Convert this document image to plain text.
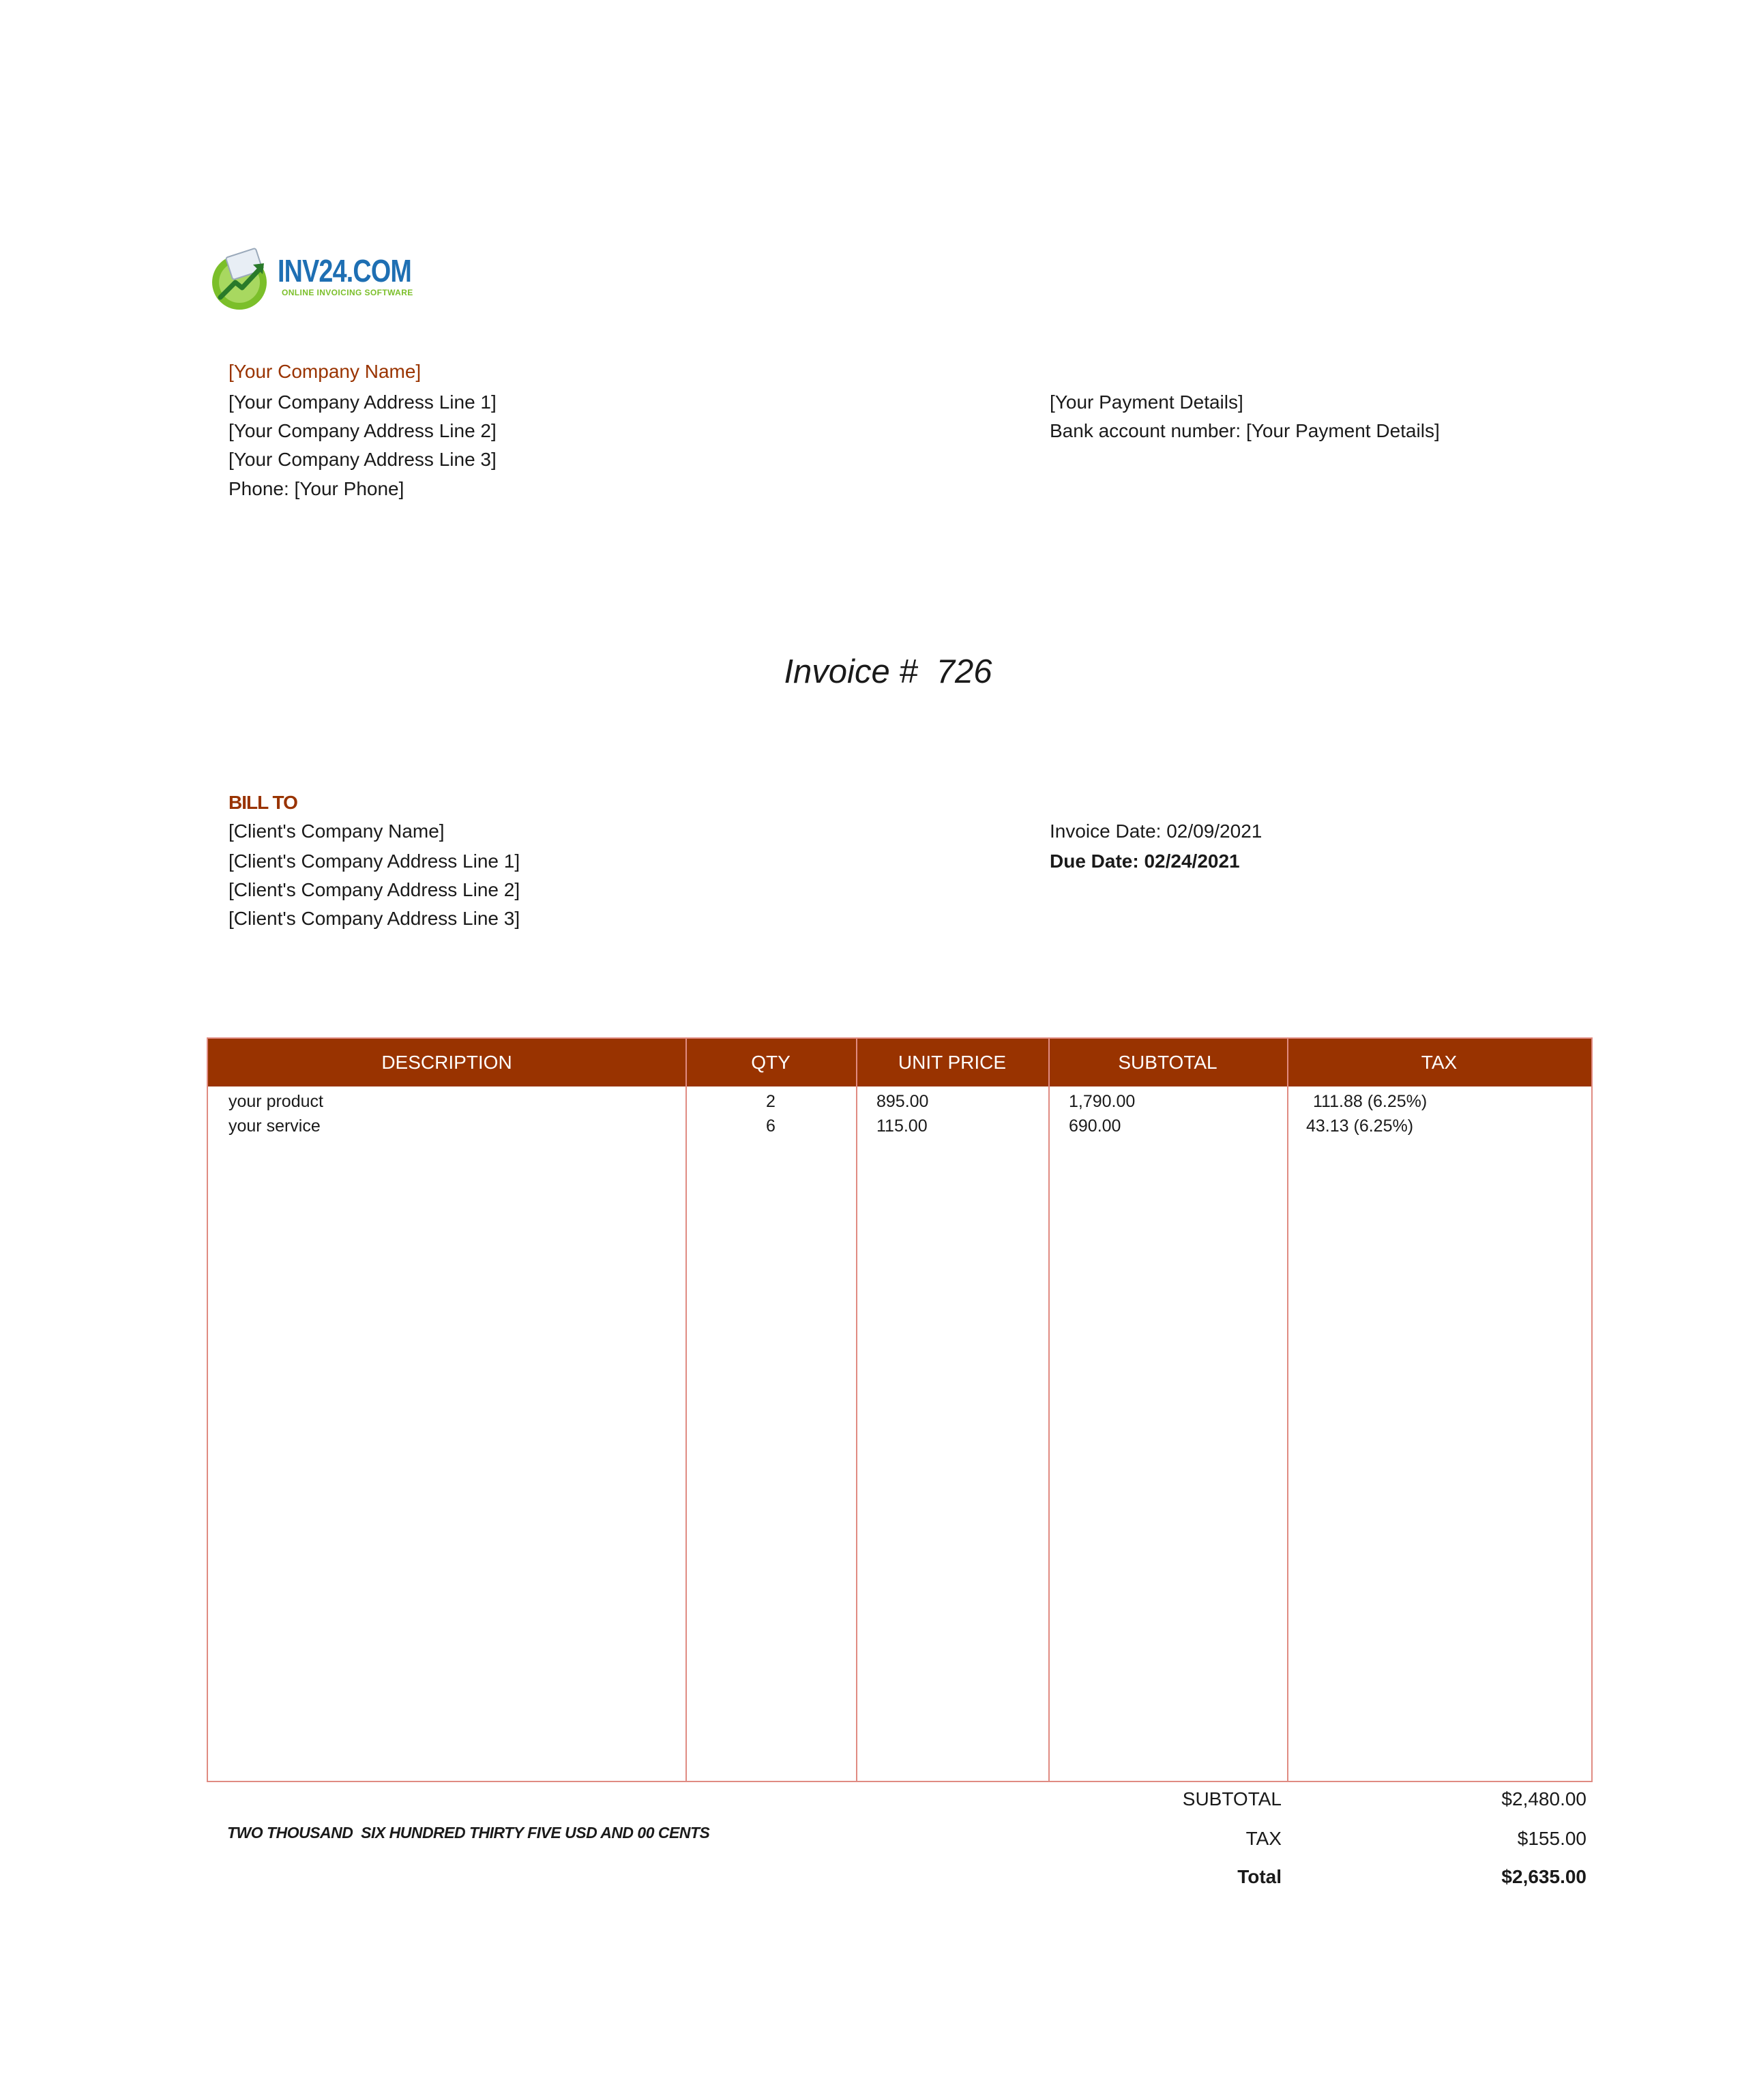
INV24.COM
ONLINE INVOICING SOFTWARE
[Your Company Name]
[Your Company Address Line 1]
[Your Company Address Line 2]
[Your Company Address Line 3]
Phone: [Your Phone]
[Your Payment Details]
Bank account number: [Your Payment Details]
Invoice #  726
BILL TO
[Client's Company Name]
[Client's Company Address Line 1]
[Client's Company Address Line 2]
[Client's Company Address Line 3]
Invoice Date: 02/09/2021
Due Date: 02/24/2021
DESCRIPTION	QTY	UNIT PRICE	SUBTOTAL	TAX
your product	2	895.00	1,790.00	111.88 (6.25%)
your service	6	115.00	690.00	43.13 (6.25%)
SUBTOTAL	$2,480.00
TAX	$155.00
Total	$2,635.00
TWO THOUSAND  SIX HUNDRED THIRTY FIVE USD AND 00 CENTS
